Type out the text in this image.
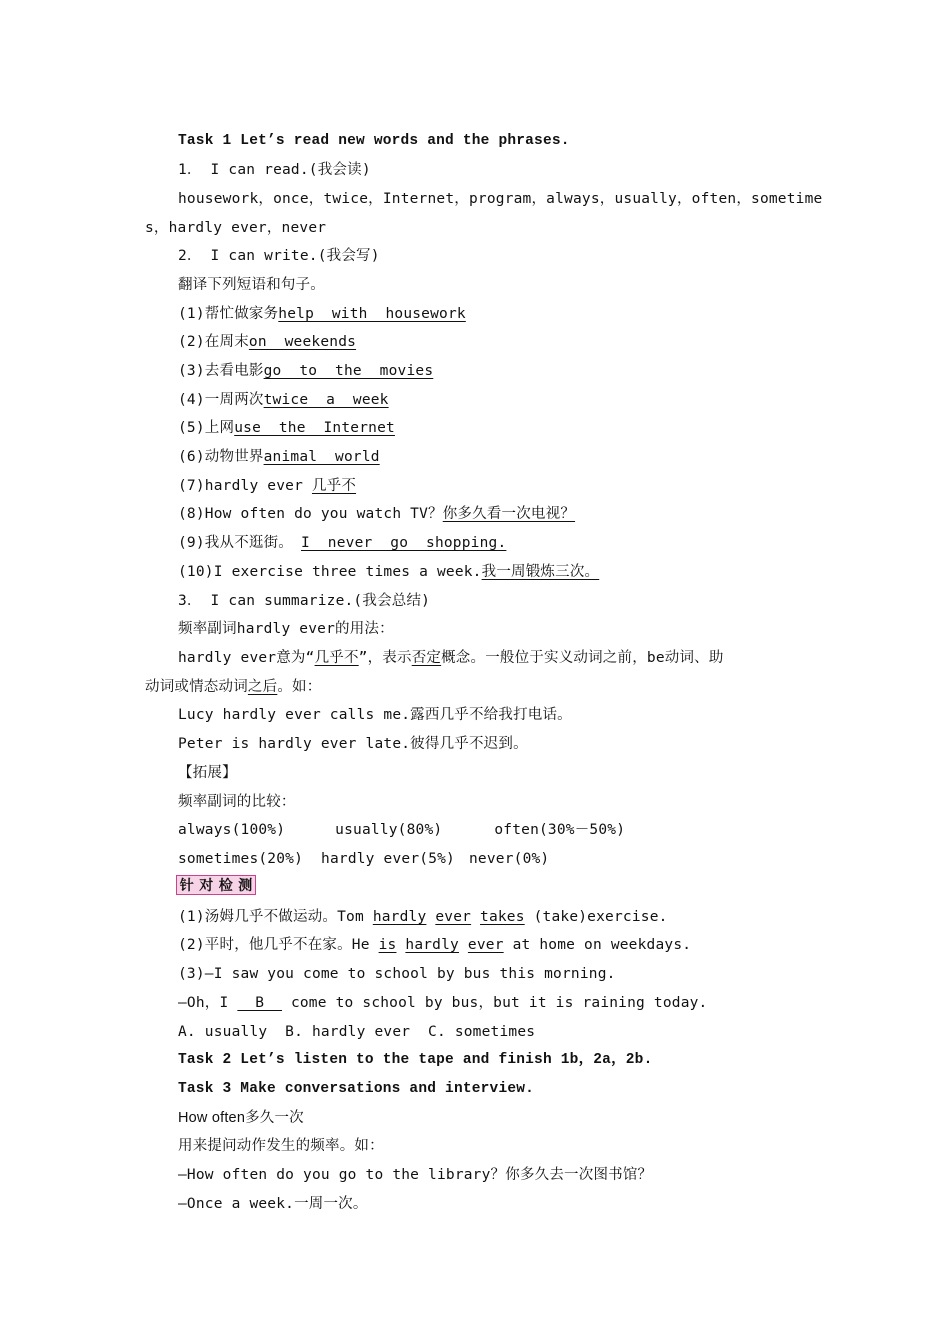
Task 1 Let’s read new words and the phrases.
1． I can read.(我会读)
housework，once，twice，Internet，program，always，usually，often，sometime
s，hardly ever，never
2． I can write.(我会写)
翻译下列短语和句子。
(1)帮忙做家务help  with  housework
(2)在周末on  weekends
(3)去看电影go  to  the  movies
(4)一周两次twice  a  week
(5)上网use  the  Internet
(6)动物世界animal  world
(7)hardly ever 几乎不
(8)How often do you watch TV？你多久看一次电视？
(9)我从不逛街。 I  never  go  shopping.
(10)I exercise three times a week.我一周锻炼三次。
3． I can summarize.(我会总结)
频率副词hardly ever的用法：
hardly ever意为“几乎不”，表示否定概念。一般位于实义动词之前，be动词、助
动词或情态动词之后。如：
Lucy hardly ever calls me.露西几乎不给我打电话。
Peter is hardly ever late.彼得几乎不迟到。
【拓展】
频率副词的比较：
always(100%)	usually(80%)	often(30%－50%)
sometimes(20%) hardly ever(5%) never(0%)
针 对 检 测
(1)汤姆几乎不做运动。Tom hardly ever takes (take)exercise.
(2)平时，他几乎不在家。He is hardly ever at home on weekdays.
(3)—I saw you come to school by bus this morning.
—Oh，I   B   come to school by bus，but it is raining today.
A. usually  B. hardly ever  C. sometimes
Task 2 Let’s listen to the tape and finish 1b，2a，2b.
Task 3 Make conversations and interview.
How often多久一次
用来提问动作发生的频率。如：
—How often do you go to the library？你多久去一次图书馆？
—Once a week.一周一次。
